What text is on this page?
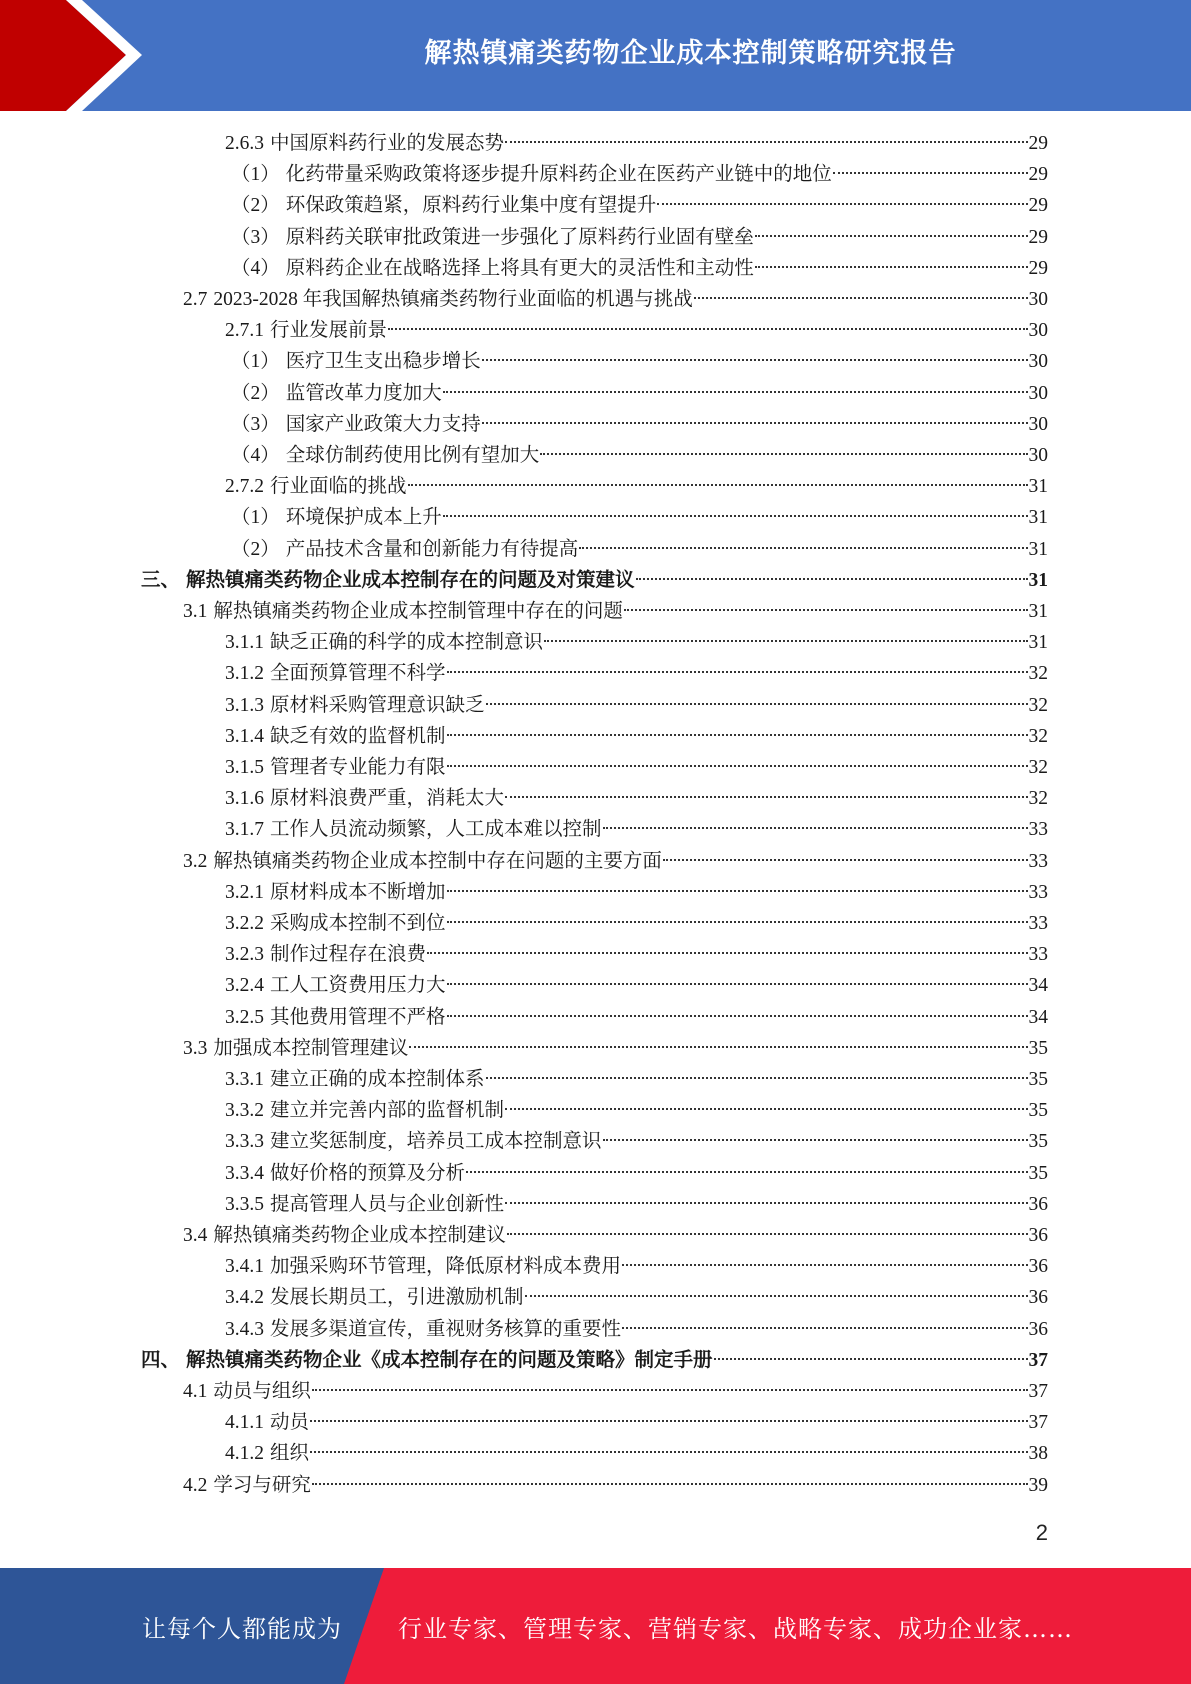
解热镇痛类药物企业成本控制策略研究报告
2.6.3 中国原料药行业的发展态势	29
（1） 化药带量采购政策将逐步提升原料药企业在医药产业链中的地位	29
（2） 环保政策趋紧，原料药行业集中度有望提升	29
（3） 原料药关联审批政策进一步强化了原料药行业固有壁垒	29
（4） 原料药企业在战略选择上将具有更大的灵活性和主动性	29
2.7 2023-2028 年我国解热镇痛类药物行业面临的机遇与挑战	30
2.7.1 行业发展前景	30
（1） 医疗卫生支出稳步增长	30
（2） 监管改革力度加大	30
（3） 国家产业政策大力支持	30
（4） 全球仿制药使用比例有望加大	30
2.7.2 行业面临的挑战	31
（1） 环境保护成本上升	31
（2） 产品技术含量和创新能力有待提高	31
三、 解热镇痛类药物企业成本控制存在的问题及对策建议	31
3.1 解热镇痛类药物企业成本控制管理中存在的问题	31
3.1.1 缺乏正确的科学的成本控制意识	31
3.1.2 全面预算管理不科学	32
3.1.3 原材料采购管理意识缺乏	32
3.1.4 缺乏有效的监督机制	32
3.1.5 管理者专业能力有限	32
3.1.6 原材料浪费严重，消耗太大	32
3.1.7 工作人员流动频繁，人工成本难以控制	33
3.2 解热镇痛类药物企业成本控制中存在问题的主要方面	33
3.2.1 原材料成本不断增加	33
3.2.2 采购成本控制不到位	33
3.2.3 制作过程存在浪费	33
3.2.4 工人工资费用压力大	34
3.2.5 其他费用管理不严格	34
3.3 加强成本控制管理建议	35
3.3.1 建立正确的成本控制体系	35
3.3.2 建立并完善内部的监督机制	35
3.3.3 建立奖惩制度，培养员工成本控制意识	35
3.3.4 做好价格的预算及分析	35
3.3.5 提高管理人员与企业创新性	36
3.4 解热镇痛类药物企业成本控制建议	36
3.4.1 加强采购环节管理，降低原材料成本费用	36
3.4.2 发展长期员工，引进激励机制	36
3.4.3 发展多渠道宣传，重视财务核算的重要性	36
四、 解热镇痛类药物企业《成本控制存在的问题及策略》制定手册	37
4.1 动员与组织	37
4.1.1 动员	37
4.1.2 组织	38
4.2 学习与研究	39
2
让每个人都能成为 行业专家、管理专家、营销专家、战略专家、成功企业家……
